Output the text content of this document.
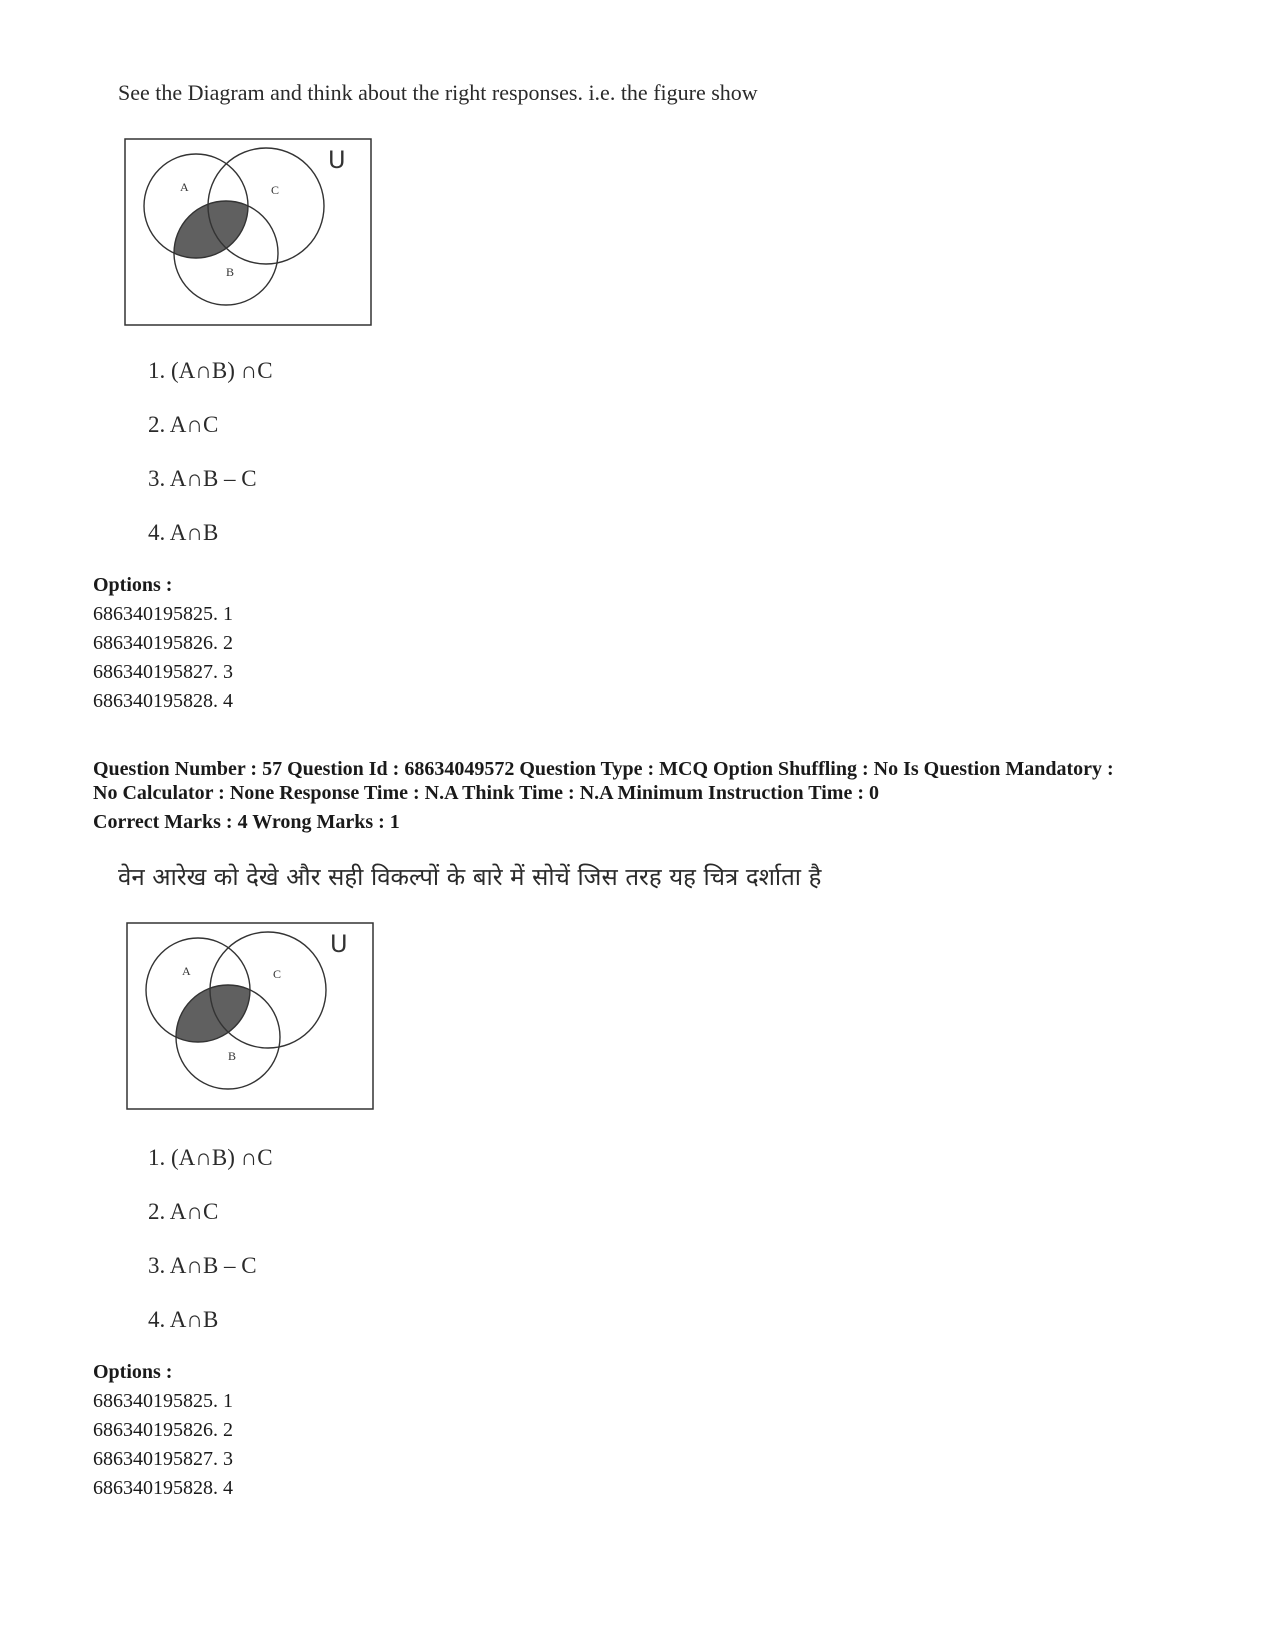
See the Diagram and think about the right responses. i.e. the figure show
A	C
B
U
1. (A∩B) ∩C
2. A∩C
3. A∩B – C
4. A∩B
Options :
686340195825. 1
686340195826. 2
686340195827. 3
686340195828. 4
Question Number : 57 Question Id : 68634049572 Question Type : MCQ Option Shuffling : No Is Question Mandatory :
No Calculator : None Response Time : N.A Think Time : N.A Minimum Instruction Time : 0
Correct Marks : 4 Wrong Marks : 1
वेन आरेख को देखे और सही विकल्पों के बारे में सोचें जिस तरह यह चित्र दर्शाता है
A	C
B
U
1. (A∩B) ∩C
2. A∩C
3. A∩B – C
4. A∩B
Options :
686340195825. 1
686340195826. 2
686340195827. 3
686340195828. 4
